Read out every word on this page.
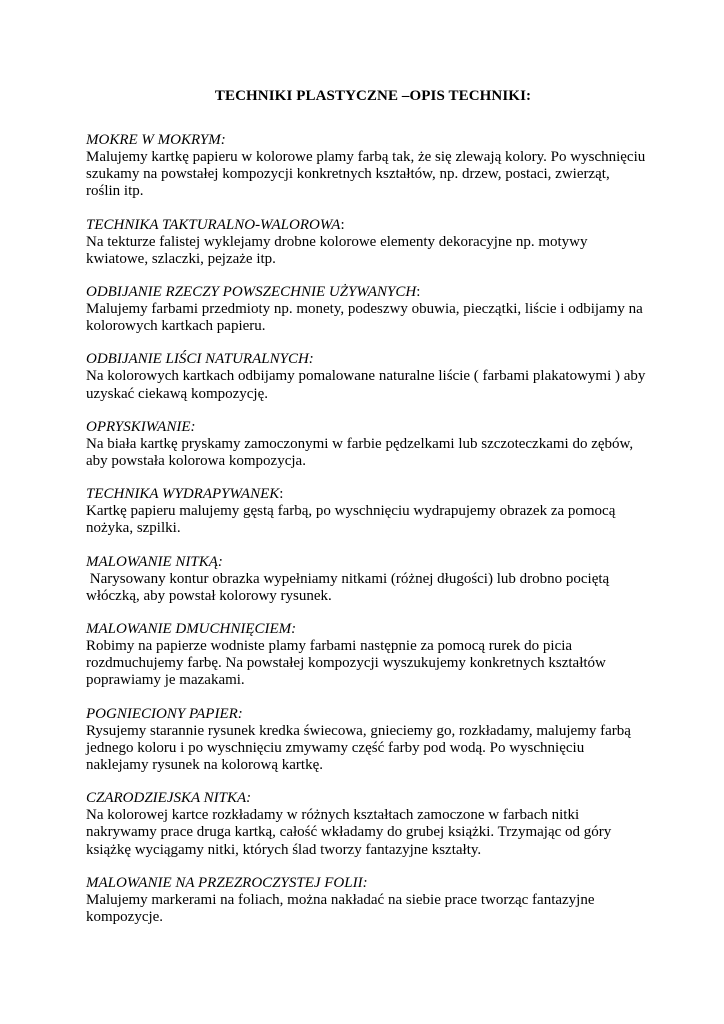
TECHNIKI PLASTYCZNE –OPIS TECHNIKI:

MOKRE W MOKRYM:

Malujemy kartkę papieru w kolorowe plamy farbą tak, że się zlewają kolory. Po wyschnięciu szukamy na powstałej kompozycji konkretnych kształtów, np. drzew, postaci, zwierząt, roślin itp.

TECHNIKA TAKTURALNO-WALOROWA:

Na tekturze falistej wyklejamy drobne kolorowe elementy dekoracyjne np. motywy kwiatowe, szlaczki, pejzaże itp.

ODBIJANIE RZECZY POWSZECHNIE UŻYWANYCH:

Malujemy farbami przedmioty np. monety, podeszwy obuwia, pieczątki, liście i odbijamy na kolorowych kartkach papieru.

ODBIJANIE LIŚCI NATURALNYCH:

Na kolorowych kartkach odbijamy pomalowane naturalne liście ( farbami plakatowymi ) aby uzyskać ciekawą kompozycję.

OPRYSKIWANIE:

Na biała kartkę pryskamy zamoczonymi w farbie pędzelkami lub szczoteczkami do zębów, aby powstała kolorowa kompozycja.

TECHNIKA WYDRAPYWANEK:

Kartkę papieru malujemy gęstą farbą, po wyschnięciu wydrapujemy obrazek za pomocą nożyka, szpilki.

MALOWANIE NITKĄ:

Narysowany kontur obrazka wypełniamy nitkami (różnej długości) lub drobno pociętą włóczką, aby powstał kolorowy rysunek.

MALOWANIE DMUCHNIĘCIEM:

Robimy na papierze wodniste plamy farbami następnie za pomocą rurek do picia rozdmuchujemy farbę. Na powstałej kompozycji wyszukujemy konkretnych kształtów poprawiamy je mazakami.

POGNIECIONY PAPIER:

Rysujemy starannie rysunek kredka świecowa, gnieciemy go, rozkładamy, malujemy farbą jednego koloru i po wyschnięciu zmywamy część farby pod wodą. Po wyschnięciu naklejamy rysunek na kolorową kartkę.

CZARODZIEJSKA NITKA:

Na kolorowej kartce rozkładamy w różnych kształtach zamoczone w farbach nitki nakrywamy prace druga kartką, całość wkładamy do grubej książki. Trzymając od góry książkę wyciągamy nitki, których ślad tworzy fantazyjne kształty.

MALOWANIE NA PRZEZROCZYSTEJ FOLII:

Malujemy markerami na foliach, można nakładać na siebie prace tworząc fantazyjne kompozycje.
